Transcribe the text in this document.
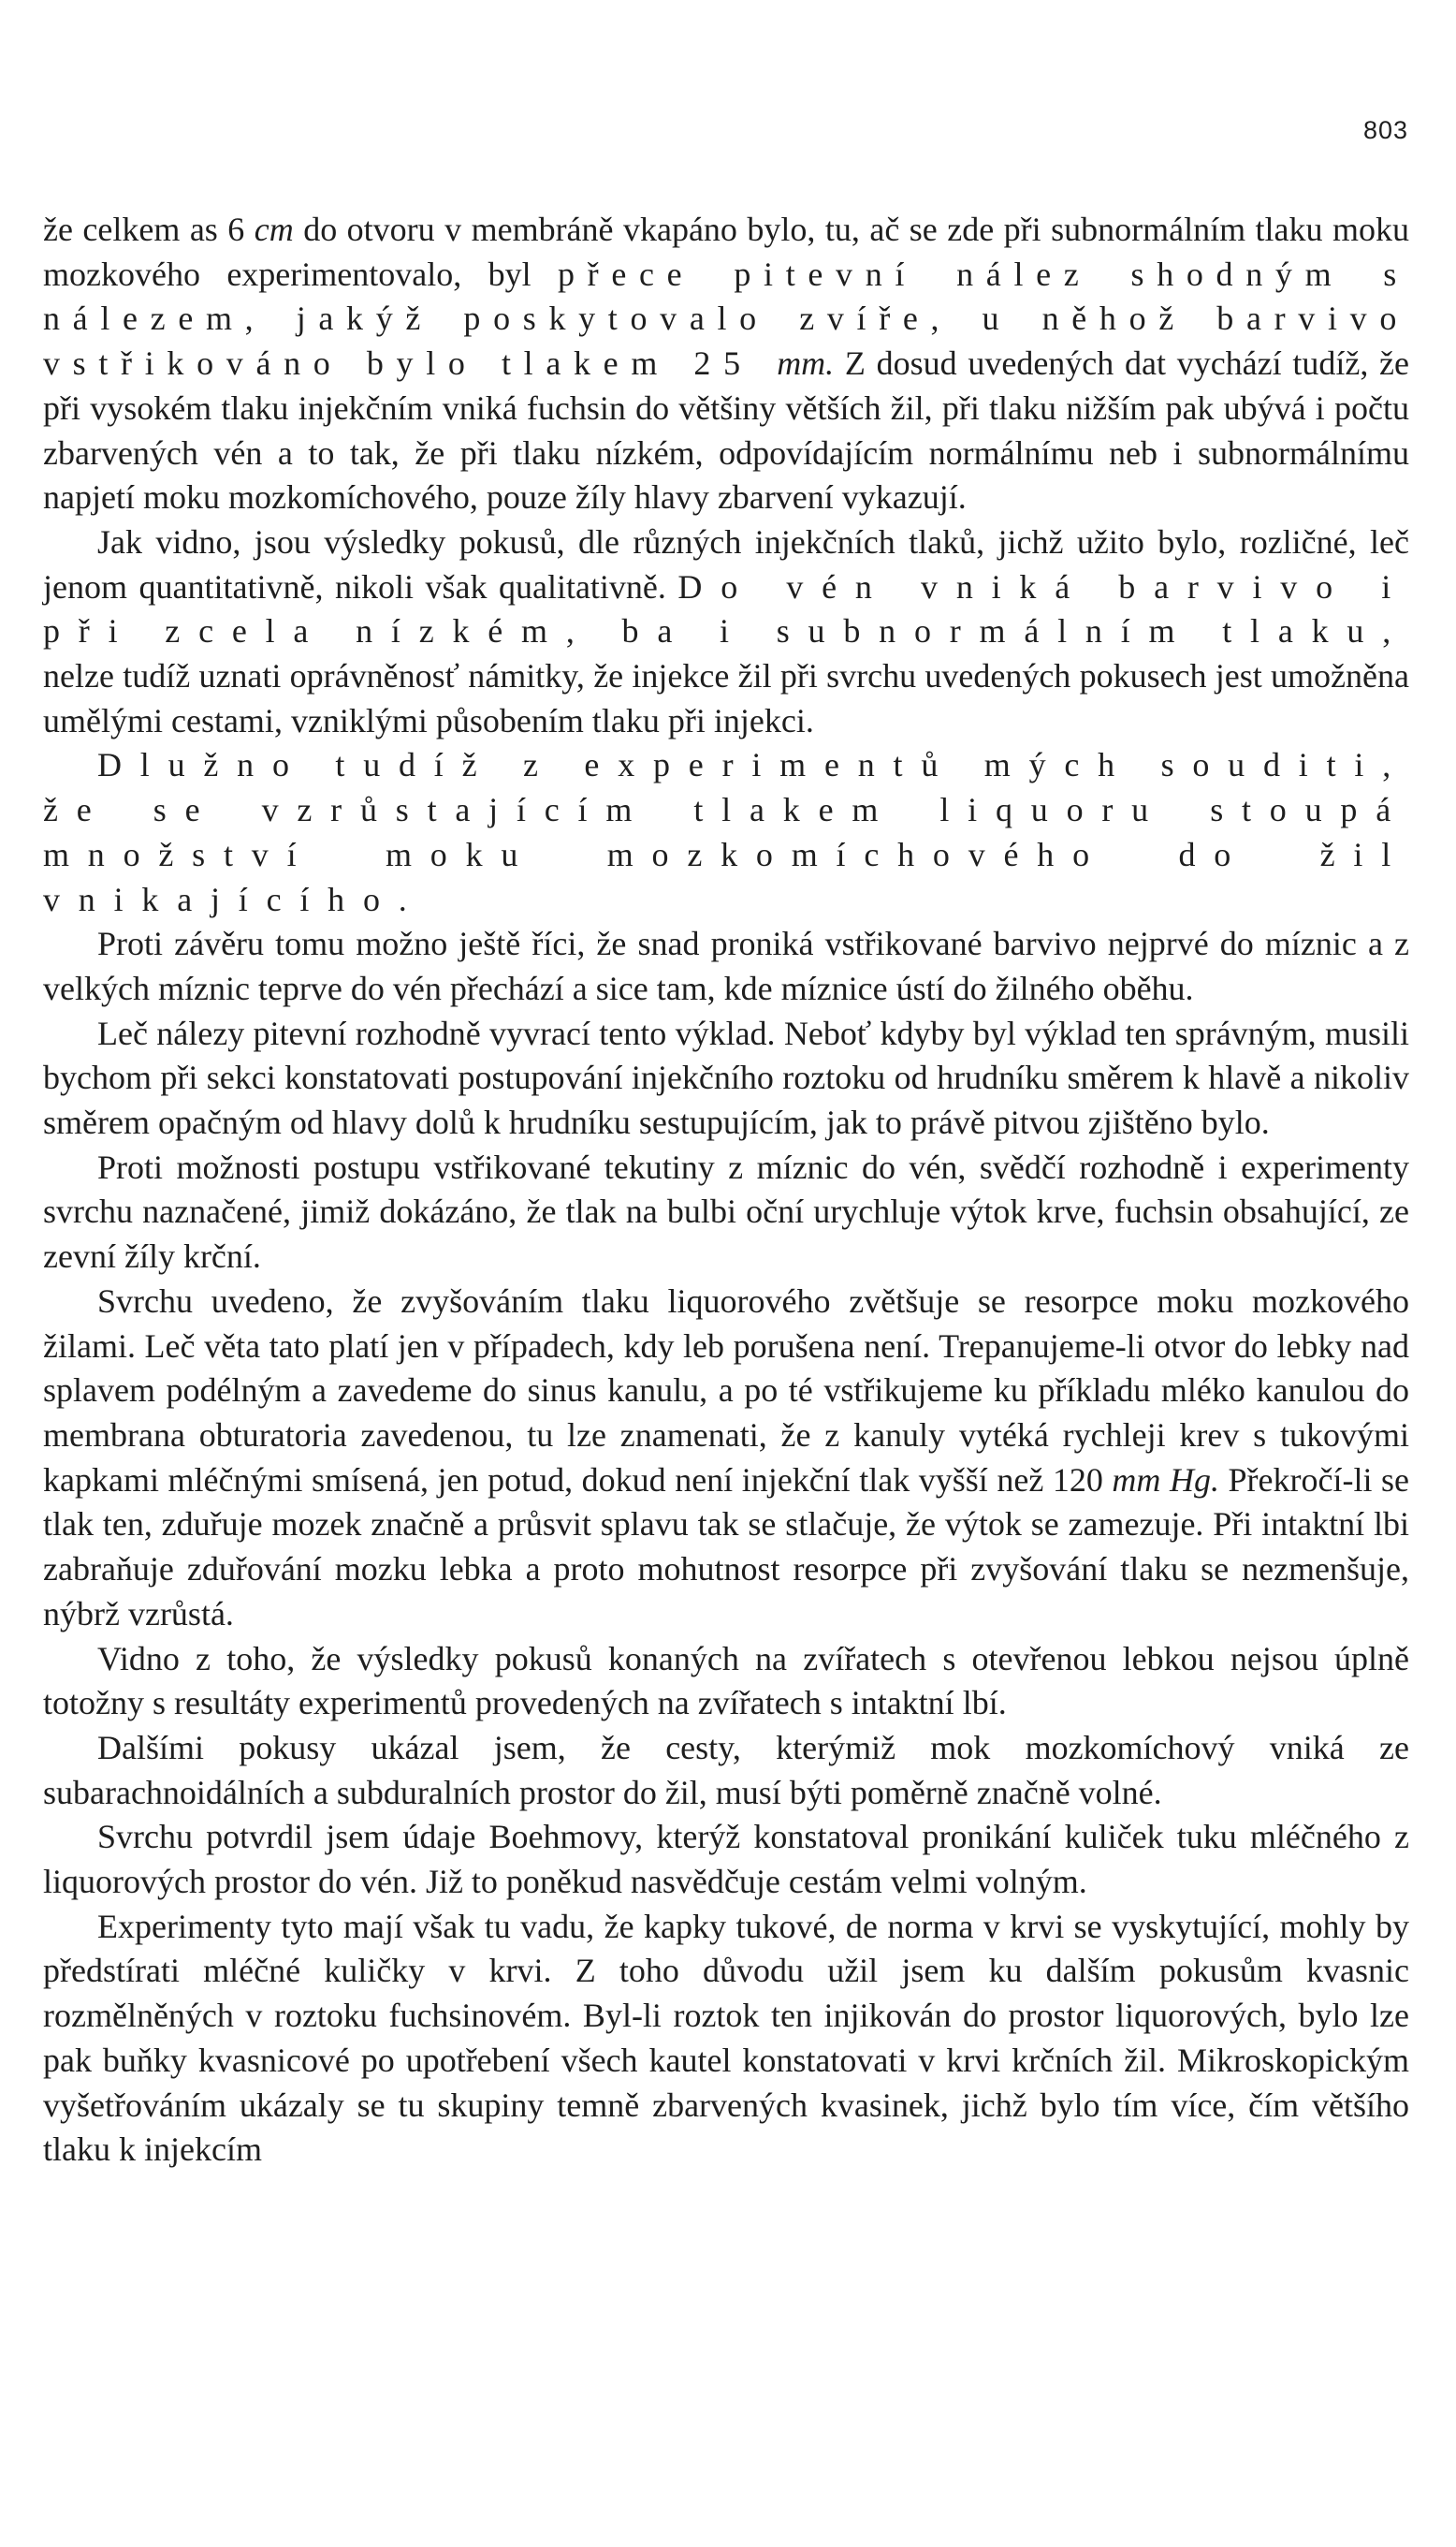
803

že celkem as 6 cm do otvoru v membráně vkapáno bylo, tu, ač se zde při subnormálním tlaku moku mozkového experimentovalo, byl přece pitevní nález shodným s nálezem, jakýž poskytovalo zvíře, u něhož barvivo vstřikováno bylo tlakem 25 mm. Z dosud uvedených dat vychází tudíž, že při vysokém tlaku injekčním vniká fuchsin do většiny větších žil, při tlaku nižším pak ubývá i počtu zbarvených vén a to tak, že při tlaku nízkém, odpovídajícím normálnímu neb i subnormálnímu napjetí moku mozkomíchového, pouze žíly hlavy zbarvení vykazují.

Jak vidno, jsou výsledky pokusů, dle různých injekčních tlaků, jichž užito bylo, rozličné, leč jenom quantitativně, nikoli však qualitativně. Do vén vniká barvivo i při zcela nízkém, ba i subnormálním tlaku, nelze tudíž uznati oprávněnosť námitky, že injekce žil při svrchu uvedených pokusech jest umožněna umělými cestami, vzniklými působením tlaku při injekci.

Dlužno tudíž z experimentů mých souditi, že se vzrůstajícím tlakem liquoru stoupá množství moku mozkomíchového do žil vnikajícího.

Proti závěru tomu možno ještě říci, že snad proniká vstřikované barvivo nejprvé do míznic a z velkých míznic teprve do vén přechází a sice tam, kde míznice ústí do žilného oběhu.

Leč nálezy pitevní rozhodně vyvrací tento výklad. Neboť kdyby byl výklad ten správným, musili bychom při sekci konstatovati postupování injekčního roztoku od hrudníku směrem k hlavě a nikoliv směrem opačným od hlavy dolů k hrudníku sestupujícím, jak to právě pitvou zjištěno bylo.

Proti možnosti postupu vstřikované tekutiny z míznic do vén, svědčí rozhodně i experimenty svrchu naznačené, jimiž dokázáno, že tlak na bulbi oční urychluje výtok krve, fuchsin obsahující, ze zevní žíly krční.

Svrchu uvedeno, že zvyšováním tlaku liquorového zvětšuje se resorpce moku mozkového žilami. Leč věta tato platí jen v případech, kdy leb porušena není. Trepanujeme-li otvor do lebky nad splavem podélným a zavedeme do sinus kanulu, a po té vstřikujeme ku příkladu mléko kanulou do membrana obturatoria zavedenou, tu lze znamenati, že z kanuly vytéká rychleji krev s tukovými kapkami mléčnými smísená, jen potud, dokud není injekční tlak vyšší než 120 mm Hg. Překročí-li se tlak ten, zduřuje mozek značně a průsvit splavu tak se stlačuje, že výtok se zamezuje. Při intaktní lbi zabraňuje zduřování mozku lebka a proto mohutnost resorpce při zvyšování tlaku se nezmenšuje, nýbrž vzrůstá.

Vidno z toho, že výsledky pokusů konaných na zvířatech s otevřenou lebkou nejsou úplně totožny s resultáty experimentů provedených na zvířatech s intaktní lbí.

Dalšími pokusy ukázal jsem, že cesty, kterýmiž mok mozkomíchový vniká ze subarachnoidálních a subduralních prostor do žil, musí býti poměrně značně volné.

Svrchu potvrdil jsem údaje Boehmovy, kterýž konstatoval pronikání kuliček tuku mléčného z liquorových prostor do vén. Již to poněkud nasvědčuje cestám velmi volným.

Experimenty tyto mají však tu vadu, že kapky tukové, de norma v krvi se vyskytující, mohly by předstírati mléčné kuličky v krvi. Z toho důvodu užil jsem ku dalším pokusům kvasnic rozmělněných v roztoku fuchsinovém. Byl-li roztok ten injikován do prostor liquorových, bylo lze pak buňky kvasnicové po upotřebení všech kautel konstatovati v krvi krčních žil. Mikroskopickým vyšetřováním ukázaly se tu skupiny temně zbarvených kvasinek, jichž bylo tím více, čím většího tlaku k injekcím
